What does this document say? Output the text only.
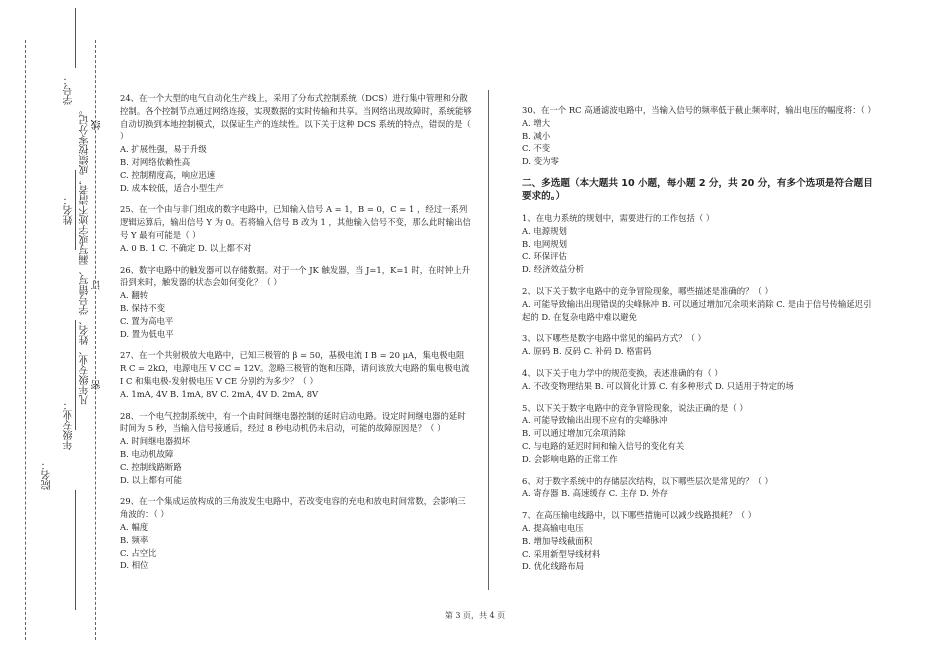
学号：
姓名：
年级专业：
院名：
凡年级专业、姓名、学号错写、漏写或字迹不清者，成绩按零分记。 线
订
密

24、在一个大型的电气自动化生产线上，采用了分布式控制系统（DCS）进行集中管理和分散控制。各个控制节点通过网络连接，实现数据的实时传输和共享。当网络出现故障时，系统能够自动切换到本地控制模式，以保证生产的连续性。以下关于这种 DCS 系统的特点，错误的是（ ）

A. 扩展性强，易于升级

B. 对网络依赖性高

C. 控制精度高，响应迅速

D. 成本较低，适合小型生产

25、在一个由与非门组成的数字电路中，已知输入信号 A = 1，B = 0，C = 1 ，经过一系列逻辑运算后，输出信号 Y 为 0。若将输入信号 B 改为 1 ，其他输入信号不变，那么此时输出信号 Y 最有可能是（ ）

A. 0 B. 1 C. 不确定 D. 以上都不对

26、数字电路中的触发器可以存储数据。对于一个 JK 触发器，当 J=1，K=1 时，在时钟上升沿到来时，触发器的状态会如何变化？（ ）

A. 翻转

B. 保持不变

C. 置为高电平

D. 置为低电平

27、在一个共射极放大电路中，已知三极管的 β = 50，基极电流 I B = 20 μA，集电极电阻 R C = 2kΩ，电源电压 V CC = 12V。忽略三极管的饱和压降，请问该放大电路的集电极电流 I C 和集电极-发射极电压 V CE 分别约为多少？（ ）

A. 1mA, 4V B. 1mA, 8V C. 2mA, 4V D. 2mA, 8V

28、一个电气控制系统中，有一个由时间继电器控制的延时启动电路。设定时间继电器的延时时间为 5 秒，当输入信号接通后，经过 8 秒电动机仍未启动，可能的故障原因是？（ ）

A. 时间继电器损坏

B. 电动机故障

C. 控制线路断路

D. 以上都有可能

29、在一个集成运放构成的三角波发生电路中，若改变电容的充电和放电时间常数，会影响三角波的：（ ）

A. 幅度

B. 频率

C. 占空比

D. 相位

30、在一个 RC 高通滤波电路中，当输入信号的频率低于截止频率时，输出电压的幅度将：（ ）

A. 增大

B. 减小

C. 不变

D. 变为零

二、多选题（本大题共 10 小题，每小题 2 分，共 20 分，有多个选项是符合题目要求的。）

1、在电力系统的规划中，需要进行的工作包括（ ）

A. 电源规划

B. 电网规划

C. 环保评估

D. 经济效益分析

2、以下关于数字电路中的竞争冒险现象，哪些描述是准确的？（ ）

A. 可能导致输出出现错误的尖峰脉冲 B. 可以通过增加冗余项来消除 C. 是由于信号传输延迟引起的 D. 在复杂电路中难以避免

3、以下哪些是数字电路中常见的编码方式？（ ）

A. 原码 B. 反码 C. 补码 D. 格雷码

4、以下关于电力学中的规范变换，表述准确的有（ ）

A. 不改变物理结果 B. 可以简化计算 C. 有多种形式 D. 只适用于特定的场

5、以下关于数字电路中的竞争冒险现象，说法正确的是（ ）

A. 可能导致输出出现不应有的尖峰脉冲

B. 可以通过增加冗余项消除

C. 与电路的延迟时间和输入信号的变化有关

D. 会影响电路的正常工作

6、对于数字系统中的存储层次结构，以下哪些层次是常见的？（ ）

A. 寄存器 B. 高速缓存 C. 主存 D. 外存

7、在高压输电线路中，以下哪些措施可以减少线路损耗？（ ）

A. 提高输电电压

B. 增加导线截面积

C. 采用新型导线材料

D. 优化线路布局

第 3 页，共 4 页
